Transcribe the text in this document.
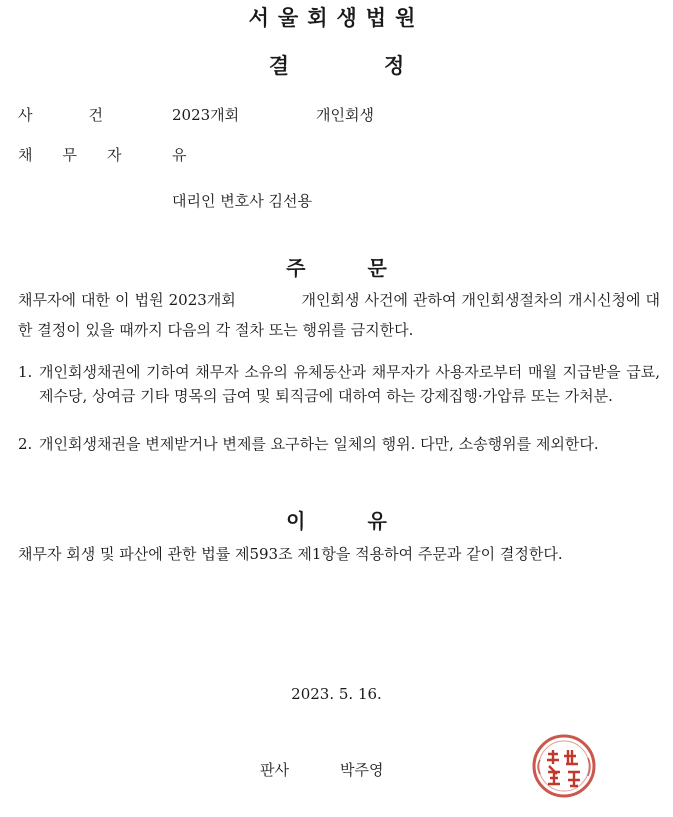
서울회생법원
결정
사건 2023개회	개인회생
채무자 유
대리인 변호사 김선용
주문
채무자에 대한 이 법원 2023개회             개인회생 사건에 관하여 개인회생절차의 개시신청에 대한 결정이 있을 때까지 다음의 각 절차 또는 행위를 금지한다.
1. 개인회생채권에 기하여 채무자 소유의 유체동산과 채무자가 사용자로부터 매월 지급받을 급료, 제수당, 상여금 기타 명목의 급여 및 퇴직금에 대하여 하는 강제집행·가압류 또는 가처분.
2. 개인회생채권을 변제받거나 변제를 요구하는 일체의 행위. 다만, 소송행위를 제외한다.
이유
채무자 회생 및 파산에 관한 법률 제593조 제1항을 적용하여 주문과 같이 결정한다.
2023. 5. 16.
판사	박주영
